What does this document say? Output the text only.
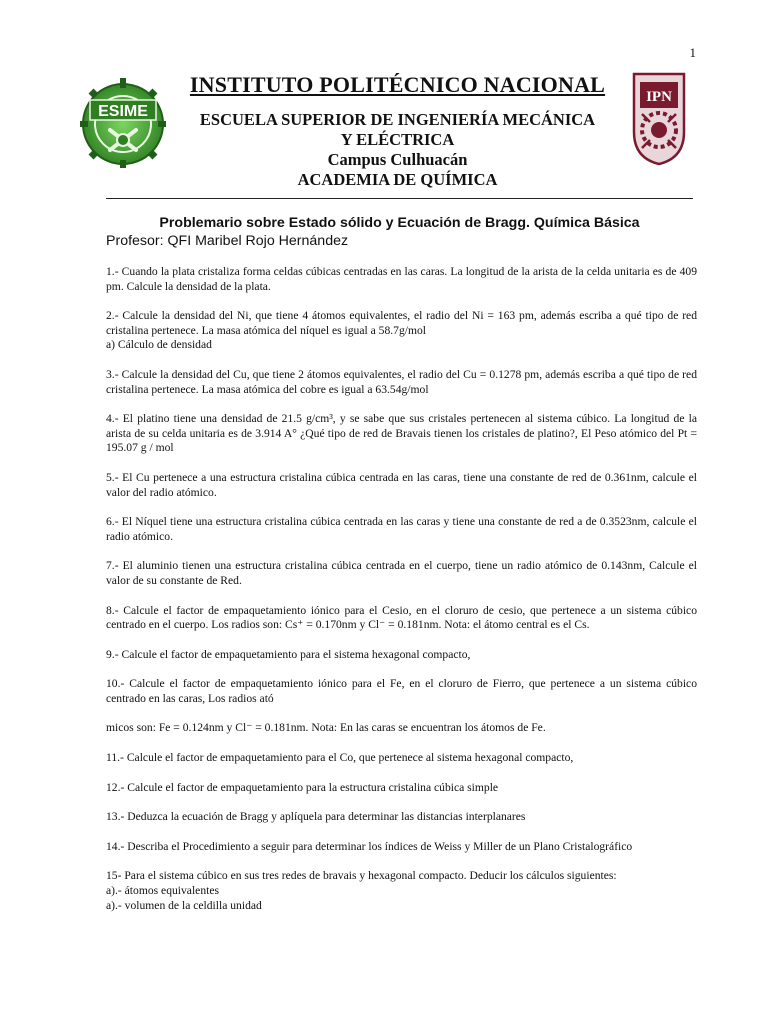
1
ESIME
IPN
INSTITUTO POLITÉCNICO NACIONAL
ESCUELA SUPERIOR DE INGENIERÍA MECÁNICA
Y ELÉCTRICA
Campus Culhuacán
ACADEMIA DE QUÍMICA
Problemario sobre Estado sólido y Ecuación de Bragg. Química Básica
Profesor: QFI Maribel Rojo Hernández
1.- Cuando la plata cristaliza forma celdas cúbicas centradas en las caras. La longitud de la arista de la celda unitaria es de 409 pm. Calcule la densidad de la plata.
2.- Calcule la densidad del Ni, que tiene 4 átomos equivalentes, el radio del Ni = 163 pm, además escriba a qué tipo de red cristalina pertenece. La masa atómica del níquel es igual a 58.7g/mol
a) Cálculo de densidad
3.- Calcule la densidad del Cu, que tiene 2 átomos equivalentes, el radio del Cu = 0.1278 pm, además escriba a qué tipo de red cristalina pertenece. La masa atómica del cobre es igual a 63.54g/mol
4.- El platino tiene una densidad de 21.5 g/cm³, y se sabe que sus cristales pertenecen al sistema cúbico. La longitud de la arista de su celda unitaria es de 3.914 A° ¿Qué tipo de red de Bravais tienen los cristales de platino?, El Peso atómico del Pt = 195.07 g / mol
5.- El Cu pertenece a una estructura cristalina cúbica centrada en las caras, tiene una constante de red de 0.361nm, calcule el valor del radio atómico.
6.- El Níquel tiene una estructura cristalina cúbica centrada en las caras y tiene una constante de red a de 0.3523nm, calcule el radio atómico.
7.- El aluminio tienen una estructura cristalina cúbica centrada en el cuerpo, tiene un radio atómico de 0.143nm, Calcule el valor de su constante de Red.
8.- Calcule el factor de empaquetamiento iónico para el Cesio, en el cloruro de cesio, que pertenece a un sistema cúbico centrado en el cuerpo. Los radios son: Cs⁺ = 0.170nm y Cl⁻ = 0.181nm. Nota: el átomo central es el Cs.
9.- Calcule el factor de empaquetamiento para el sistema hexagonal compacto,
10.- Calcule el factor de empaquetamiento iónico para el Fe, en el cloruro de Fierro, que pertenece a un sistema cúbico centrado en las caras, Los radios ató
micos son: Fe = 0.124nm y Cl⁻ = 0.181nm. Nota: En las caras se encuentran los átomos de Fe.
11.- Calcule el factor de empaquetamiento para el Co, que pertenece al sistema hexagonal compacto,
12.- Calcule el factor de empaquetamiento para la estructura cristalina cúbica simple
13.- Deduzca la ecuación de Bragg y aplíquela para determinar las distancias interplanares
14.- Describa el Procedimiento a seguir para determinar los índices de Weiss y Miller de un Plano Cristalográfico
15- Para el sistema cúbico en sus tres redes de bravais y hexagonal compacto. Deducir los cálculos siguientes:
a).- átomos equivalentes
a).- volumen de la celdilla unidad
